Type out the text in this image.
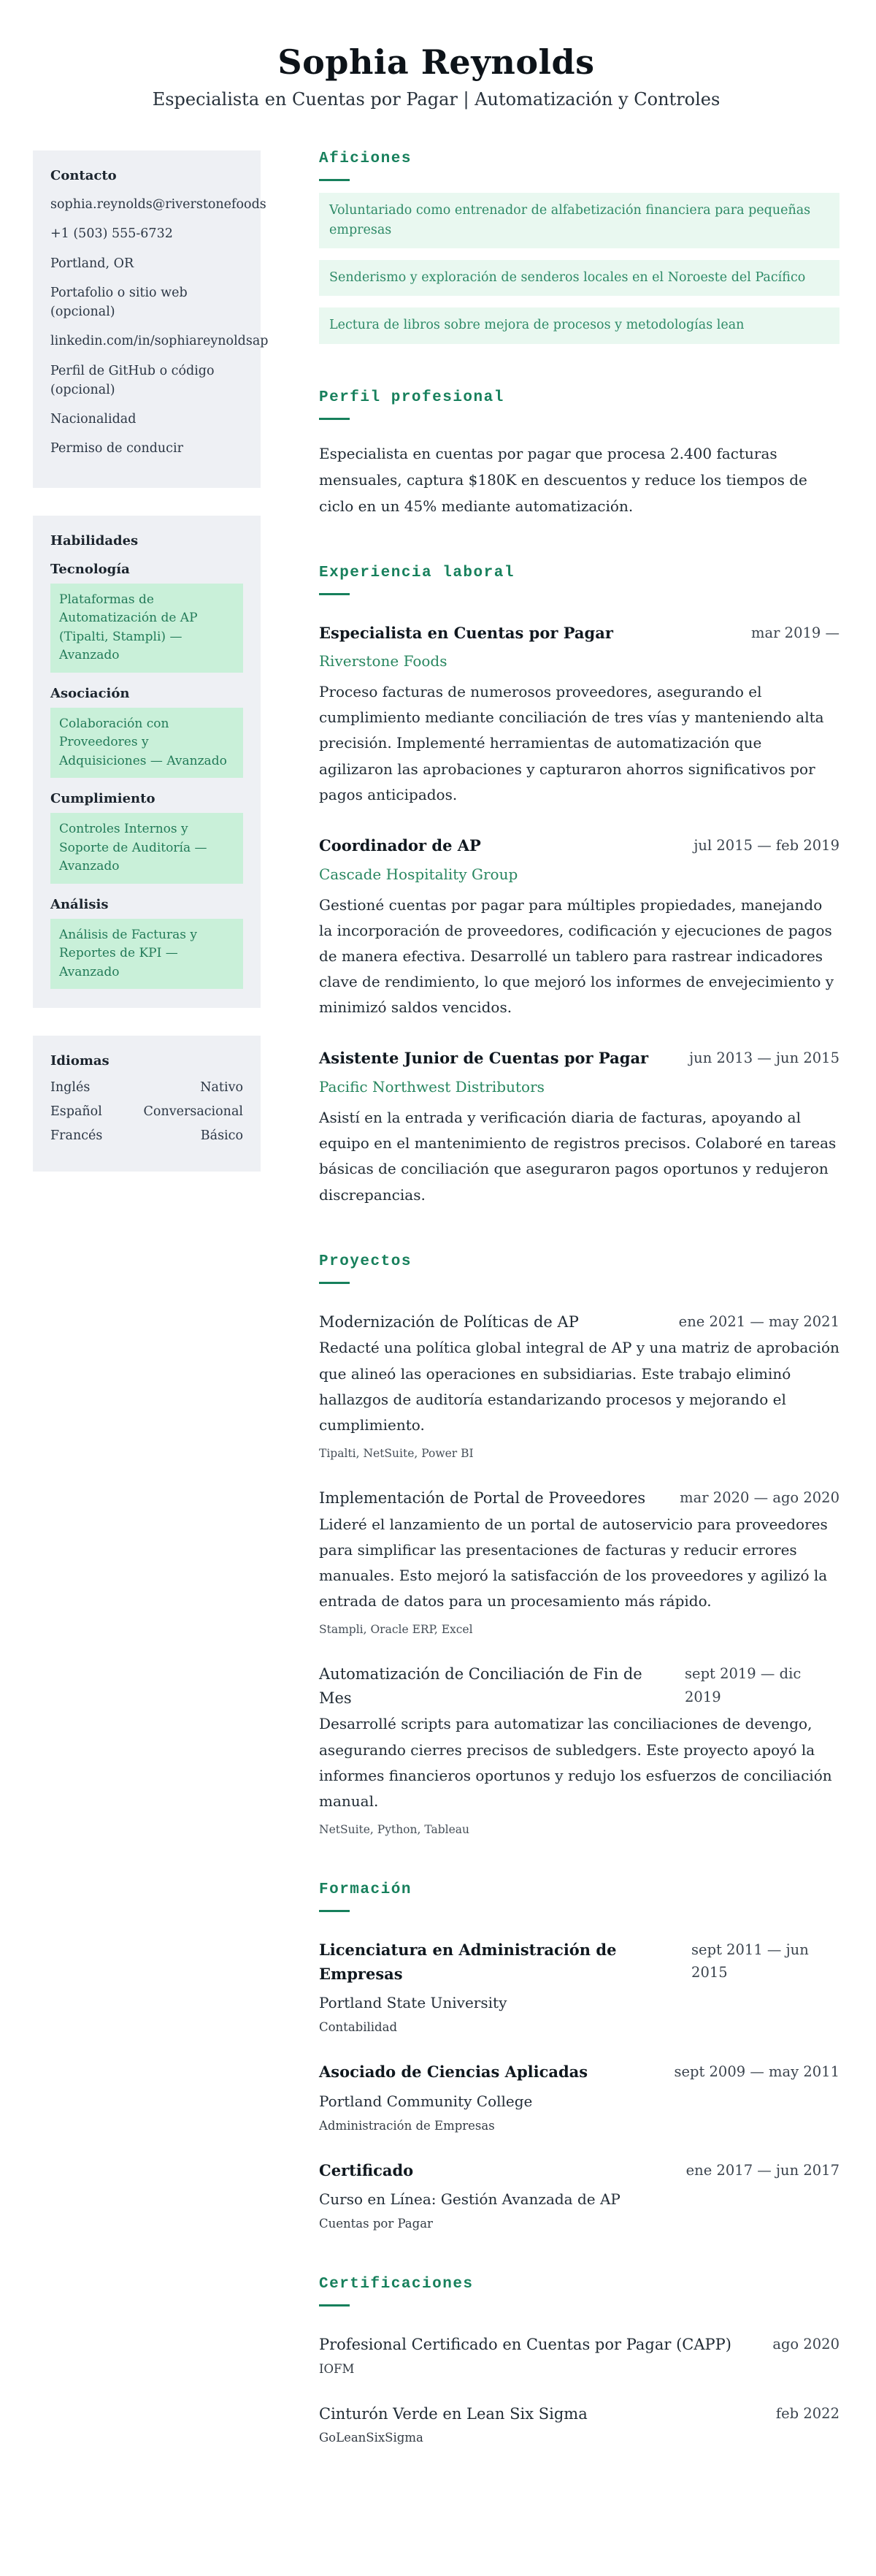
Sophia Reynolds
Especialista en Cuentas por Pagar | Automatización y Controles
Contacto
sophia.reynolds@riverstonefoods
+1 (503) 555-6732
Portland, OR
Portafolio o sitio web (opcional)
linkedin.com/in/sophiareynoldsap
Perfil de GitHub o código (opcional)
Nacionalidad
Permiso de conducir
Habilidades
Tecnología
Plataformas de Automatización de AP (Tipalti, Stampli) — Avanzado
Asociación
Colaboración con Proveedores y Adquisiciones — Avanzado
Cumplimiento
Controles Internos y Soporte de Auditoría — Avanzado
Análisis
Análisis de Facturas y Reportes de KPI — Avanzado
Idiomas
Inglés	Nativo
Español	Conversacional
Francés	Básico
Aficiones
Voluntariado como entrenador de alfabetización financiera para pequeñas empresas
Senderismo y exploración de senderos locales en el Noroeste del Pacífico
Lectura de libros sobre mejora de procesos y metodologías lean
Perfil profesional

Especialista en cuentas por pagar que procesa 2.400 facturas mensuales, captura $180K en descuentos y reduce los tiempos de ciclo en un 45% mediante automatización.

Experiencia laboral
Especialista en Cuentas por Pagar
Riverstone Foods
mar 2019 —

Proceso facturas de numerosos proveedores, asegurando el cumplimiento mediante conciliación de tres vías y manteniendo alta precisión. Implementé herramientas de automatización que agilizaron las aprobaciones y capturaron ahorros significativos por pagos anticipados.

Coordinador de AP
Cascade Hospitality Group
jul 2015 — feb 2019

Gestioné cuentas por pagar para múltiples propiedades, manejando la incorporación de proveedores, codificación y ejecuciones de pagos de manera efectiva. Desarrollé un tablero para rastrear indicadores clave de rendimiento, lo que mejoró los informes de envejecimiento y minimizó saldos vencidos.

Asistente Junior de Cuentas por Pagar
Pacific Northwest Distributors
jun 2013 — jun 2015

Asistí en la entrada y verificación diaria de facturas, apoyando al equipo en el mantenimiento de registros precisos. Colaboré en tareas básicas de conciliación que aseguraron pagos oportunos y redujeron discrepancias.

Proyectos
Modernización de Políticas de AP	ene 2021 — may 2021

Redacté una política global integral de AP y una matriz de aprobación que alineó las operaciones en subsidiarias. Este trabajo eliminó hallazgos de auditoría estandarizando procesos y mejorando el cumplimiento.

Tipalti, NetSuite, Power BI
Implementación de Portal de Proveedores mar 2020 — ago 2020

Lideré el lanzamiento de un portal de autoservicio para proveedores para simplificar las presentaciones de facturas y reducir errores manuales. Esto mejoró la satisfacción de los proveedores y agilizó la entrada de datos para un procesamiento más rápido.

Stampli, Oracle ERP, Excel
Automatización de Conciliación de Fin de Mes
sept 2019 — dic 2019

Desarrollé scripts para automatizar las conciliaciones de devengo, asegurando cierres precisos de subledgers. Este proyecto apoyó la informes financieros oportunos y redujo los esfuerzos de conciliación manual.

NetSuite, Python, Tableau
Formación
Licenciatura en Administración de Empresas
Portland State University
Contabilidad
sept 2011 — jun 2015
Asociado de Ciencias Aplicadas
Portland Community College
Administración de Empresas
sept 2009 — may 2011
Certificado
Curso en Línea: Gestión Avanzada de AP
Cuentas por Pagar
ene 2017 — jun 2017
Certificaciones
Profesional Certificado en Cuentas por Pagar (CAPP)
IOFM
ago 2020
Cinturón Verde en Lean Six Sigma
GoLeanSixSigma
feb 2022
